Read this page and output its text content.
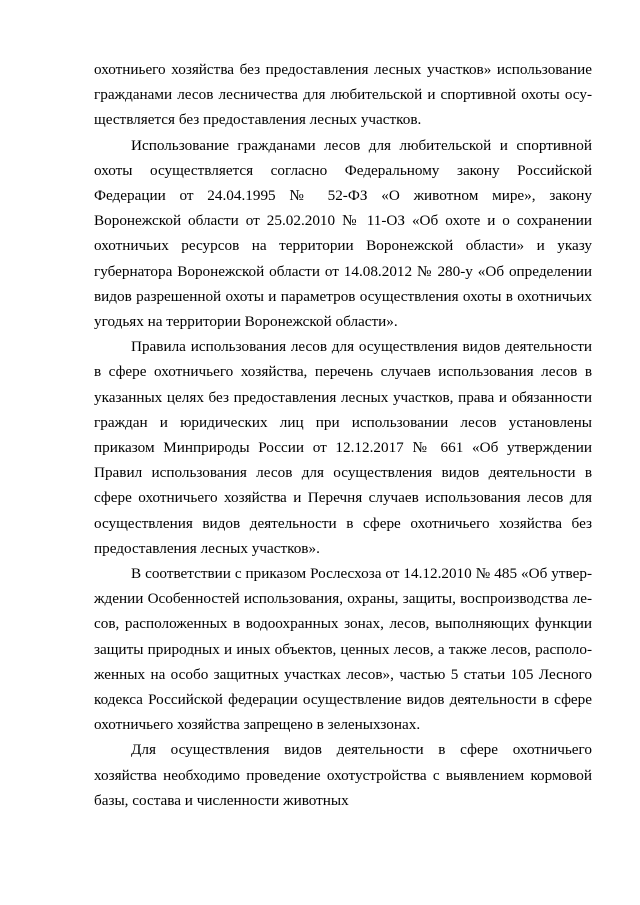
охотниьего хозяйства без предоставления лесных участков» использование гражданами лесов лесничества для любительской и спортивной охоты осуществляется без предоставления лесных участков.

Использование гражданами лесов для любительской и спортивной охоты осуществляется согласно Федеральному закону Российской Федерации от 24.04.1995 № 52-ФЗ «О животном мире», закону Воронежской области от 25.02.2010 № 11-ОЗ «Об охоте и о сохранении охотничьих ресурсов на территории Воронежской области» и указу губернатора Воронежской области от 14.08.2012 № 280-у «Об определении видов разрешенной охоты и параметров осуществления охоты в охотничьих угодьях на территории Воронежской области».

Правила использования лесов для осуществления видов деятельности в сфере охотничьего хозяйства, перечень случаев использования лесов в указанных целях без предоставления лесных участков, права и обязанности граждан и юридических лиц при использовании лесов установлены приказом Минприроды России от 12.12.2017 № 661 «Об утверждении Правил использования лесов для осуществления видов деятельности в сфере охотничьего хозяйства и Перечня случаев использования лесов для осуществления видов деятельности в сфере охотничьего хозяйства без предоставления лесных участков».

В соответствии с приказом Рослесхоза от 14.12.2010 № 485 «Об утверждении Особенностей использования, охраны, защиты, воспроизводства лесов, расположенных в водоохранных зонах, лесов, выполняющих функции защиты природных и иных объектов, ценных лесов, а также лесов, расположенных на особо защитных участках лесов», частью 5 статьи 105 Лесного кодекса Российской федерации осуществление видов деятельности в сфере охотничьего хозяйства запрещено в зеленыхзонах.

Для осуществления видов деятельности в сфере охотничьего хозяйства необходимо проведение охотустройства с выявлением кормовой базы, состава и численности животных
